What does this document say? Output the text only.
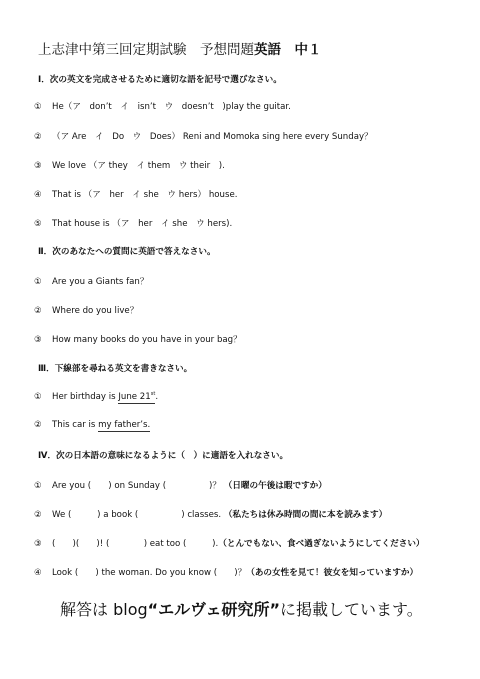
上志津中第三回定期試験　予想問題英語　中１
Ⅰ．次の英文を完成させるために適切な語を記号で選びなさい。
① He（ア　don’t　イ　isn’t　ウ　doesn’t　)play the guitar.
② （ア Are　イ　Do　ウ　Does） Reni and Momoka sing here every Sunday？
③ We love （ア they　イ them　ウ their　).
④ That is （ア　her　イ she　ウ hers） house.
⑤ That house is （ア　her　イ she　ウ hers).
Ⅱ．次のあなたへの質問に英語で答えなさい。
① Are you a Giants fan？
② Where do you live？
③ How many books do you have in your bag？
Ⅲ．下線部を尋ねる英文を書きなさい。
① Her birthday is June 21st.
② This car is my father’s.
Ⅳ．次の日本語の意味になるように（　）に適語を入れなさい。
① Are you (　　) on Sunday (　　　　　)？ （日曜の午後は暇ですか）
② We (　　　) a book (　　　　　) classes. （私たちは休み時間の間に本を読みます）
③ (　　)(　　)! (　　　　) eat too (　　　).（とんでもない、食べ過ぎないようにしてください）
④ Look (　　) the woman. Do you know (　　)？（あの女性を見て！彼女を知っていますか）
解答は blog“エルヴェ研究所”に掲載しています。
